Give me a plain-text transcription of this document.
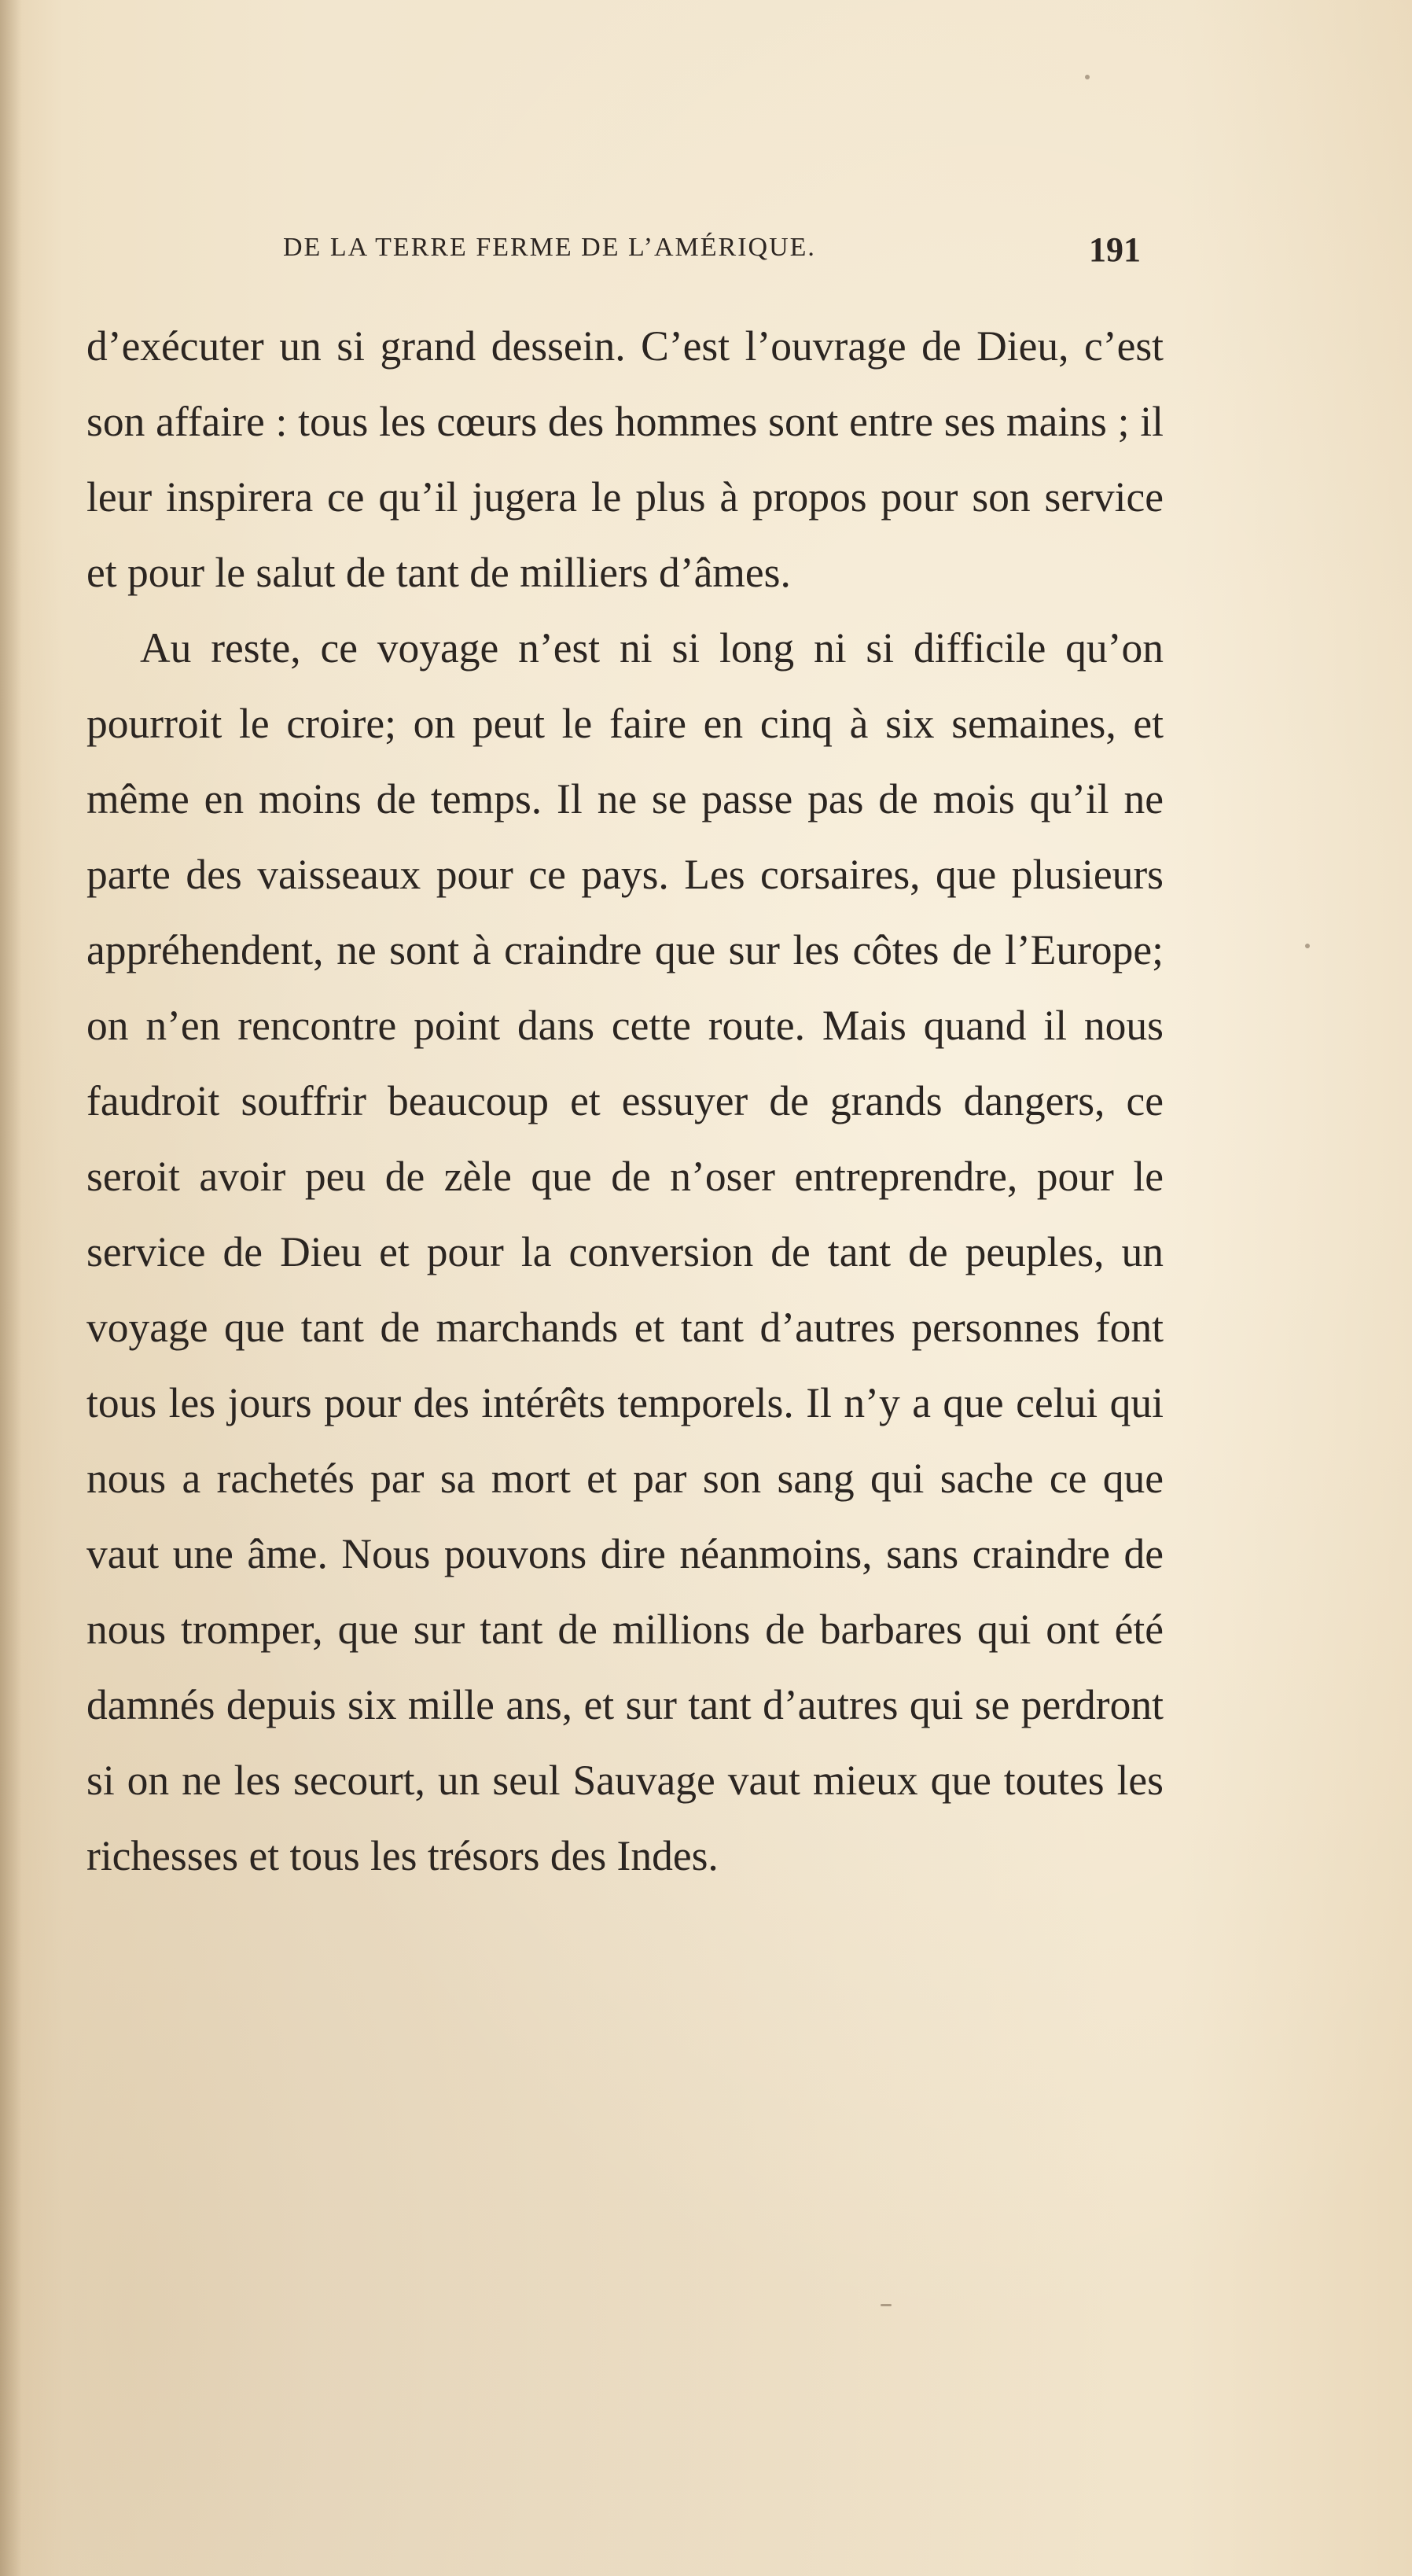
DE LA TERRE FERME DE L’AMÉRIQUE.	191

d’exécuter un si grand dessein. C’est l’ouvrage de Dieu, c’est son affaire : tous les cœurs des hommes sont entre ses mains ; il leur inspirera ce qu’il jugera le plus à propos pour son service et pour le salut de tant de milliers d’âmes.

Au reste, ce voyage n’est ni si long ni si difficile qu’on pourroit le croire; on peut le faire en cinq à six semaines, et même en moins de temps. Il ne se passe pas de mois qu’il ne parte des vaisseaux pour ce pays. Les corsaires, que plusieurs appréhendent, ne sont à craindre que sur les côtes de l’Europe; on n’en rencontre point dans cette route. Mais quand il nous faudroit souffrir beaucoup et essuyer de grands dangers, ce seroit avoir peu de zèle que de n’oser entreprendre, pour le service de Dieu et pour la conversion de tant de peuples, un voyage que tant de marchands et tant d’autres personnes font tous les jours pour des intérêts temporels. Il n’y a que celui qui nous a rachetés par sa mort et par son sang qui sache ce que vaut une âme. Nous pouvons dire néanmoins, sans craindre de nous tromper, que sur tant de millions de barbares qui ont été damnés depuis six mille ans, et sur tant d’autres qui se perdront si on ne les secourt, un seul Sauvage vaut mieux que toutes les richesses et tous les trésors des Indes.
